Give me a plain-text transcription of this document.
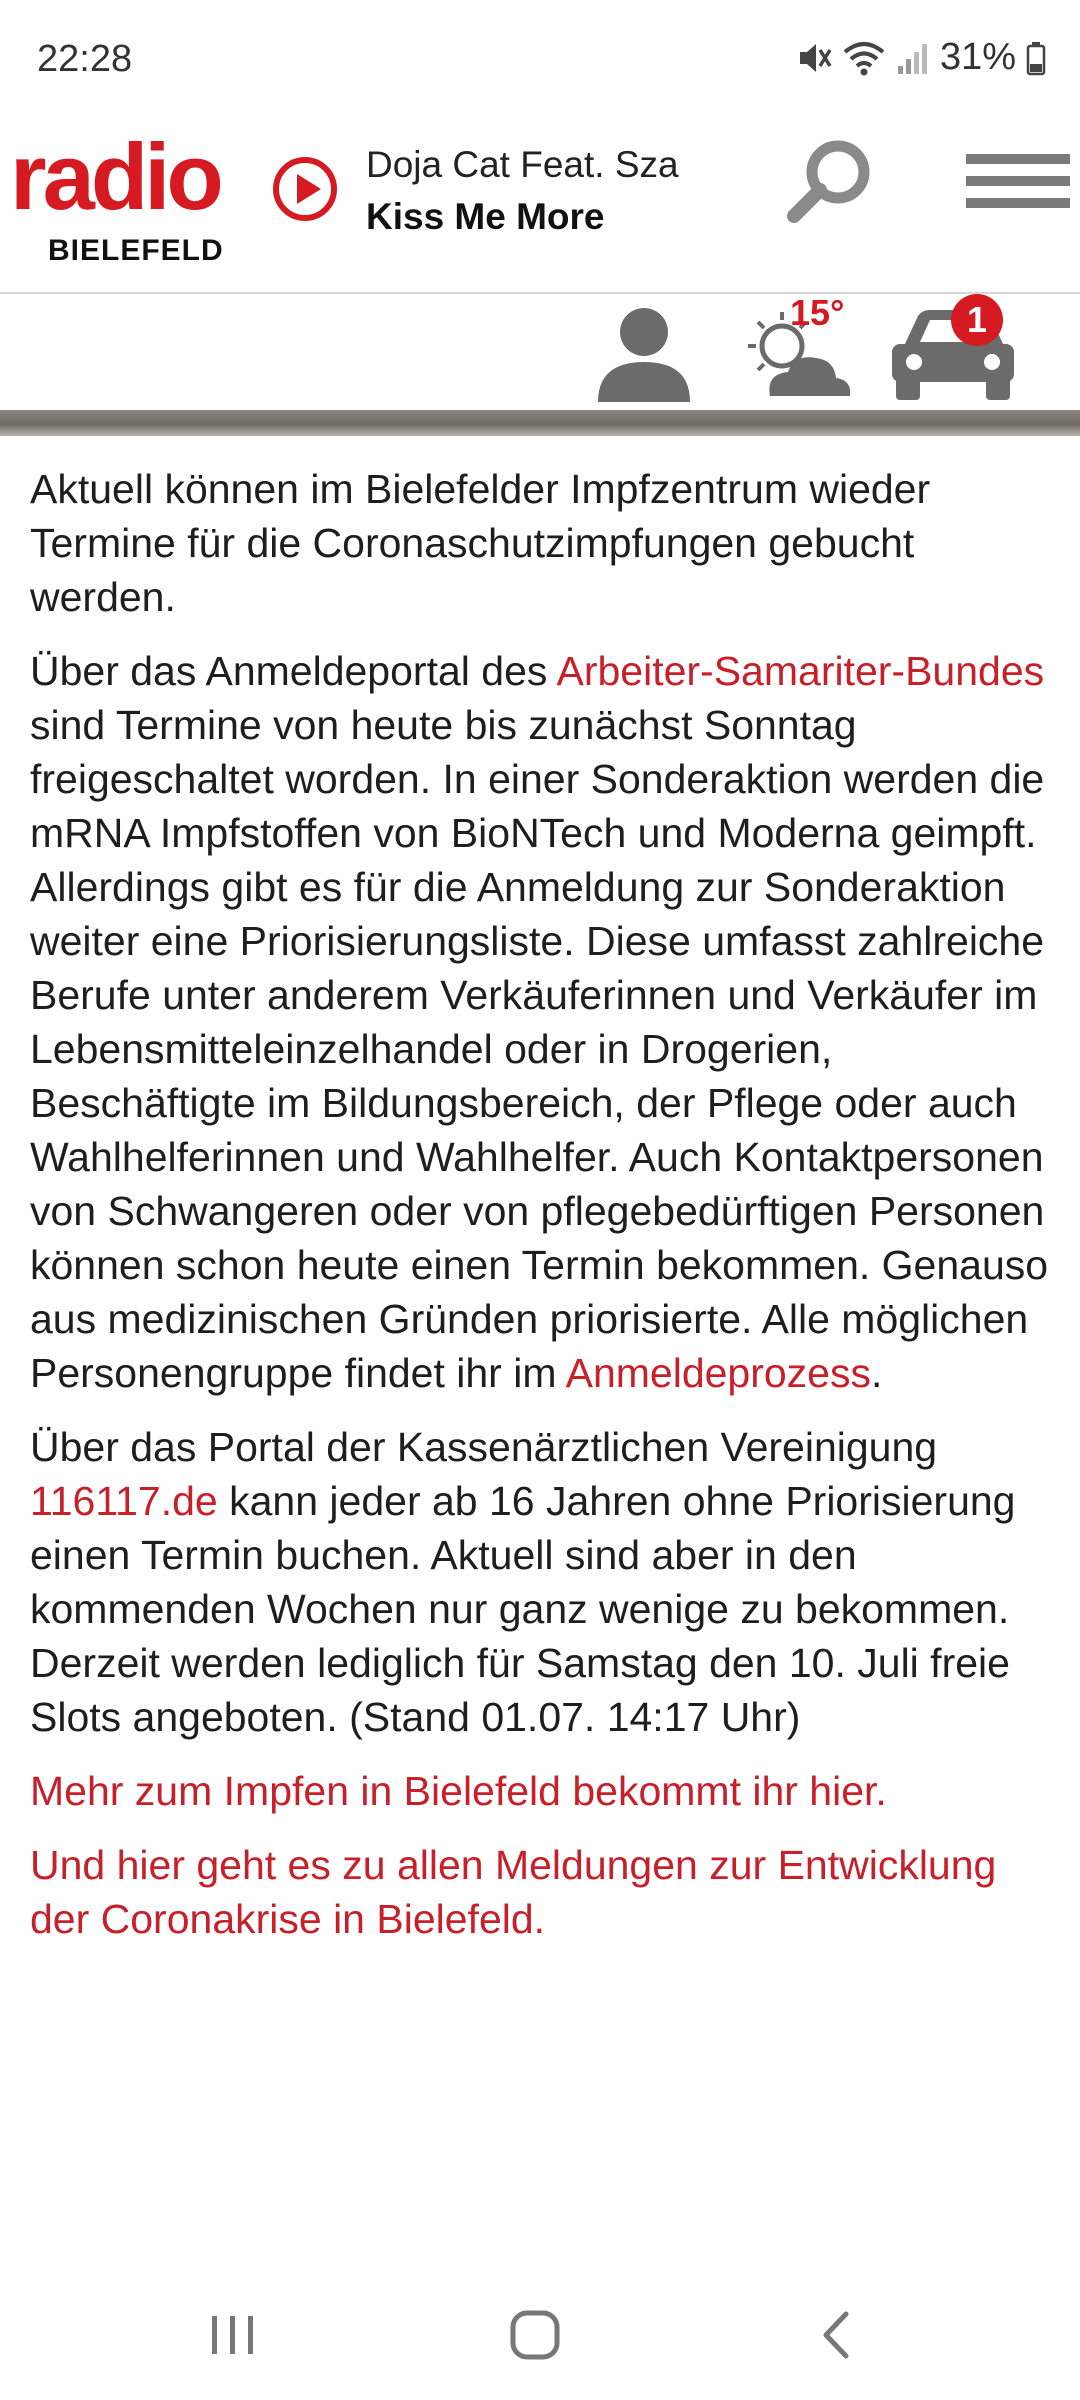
22:28	31%
radio
BIELEFELD
Doja Cat Feat. Sza
Kiss Me More
15°	1

Aktuell können im Bielefelder Impfzentrum wieder Termine für die Coronaschutzimpfungen gebucht werden.

Über das Anmeldeportal des Arbeiter-Samariter-Bundes sind Termine von heute bis zunächst Sonntag freigeschaltet worden. In einer Sonderaktion werden die mRNA Impfstoffen von BioNTech und Moderna geimpft. Allerdings gibt es für die Anmeldung zur Sonderaktion weiter eine Priorisierungsliste. Diese umfasst zahlreiche Berufe unter anderem Verkäuferinnen und Verkäufer im Lebensmitteleinzelhandel oder in Drogerien, Beschäftigte im Bildungsbereich, der Pflege oder auch Wahlhelferinnen und Wahlhelfer. Auch Kontaktpersonen von Schwangeren oder von pflegebedürftigen Personen können schon heute einen Termin bekommen. Genauso aus medizinischen Gründen priorisierte. Alle möglichen Personengruppe findet ihr im Anmeldeprozess.

Über das Portal der Kassenärztlichen Vereinigung 116117.de kann jeder ab 16 Jahren ohne Priorisierung einen Termin buchen. Aktuell sind aber in den kommenden Wochen nur ganz wenige zu bekommen. Derzeit werden lediglich für Samstag den 10. Juli freie Slots angeboten. (Stand 01.07. 14:17 Uhr)

Mehr zum Impfen in Bielefeld bekommt ihr hier.

Und hier geht es zu allen Meldungen zur Entwicklung der Coronakrise in Bielefeld.
